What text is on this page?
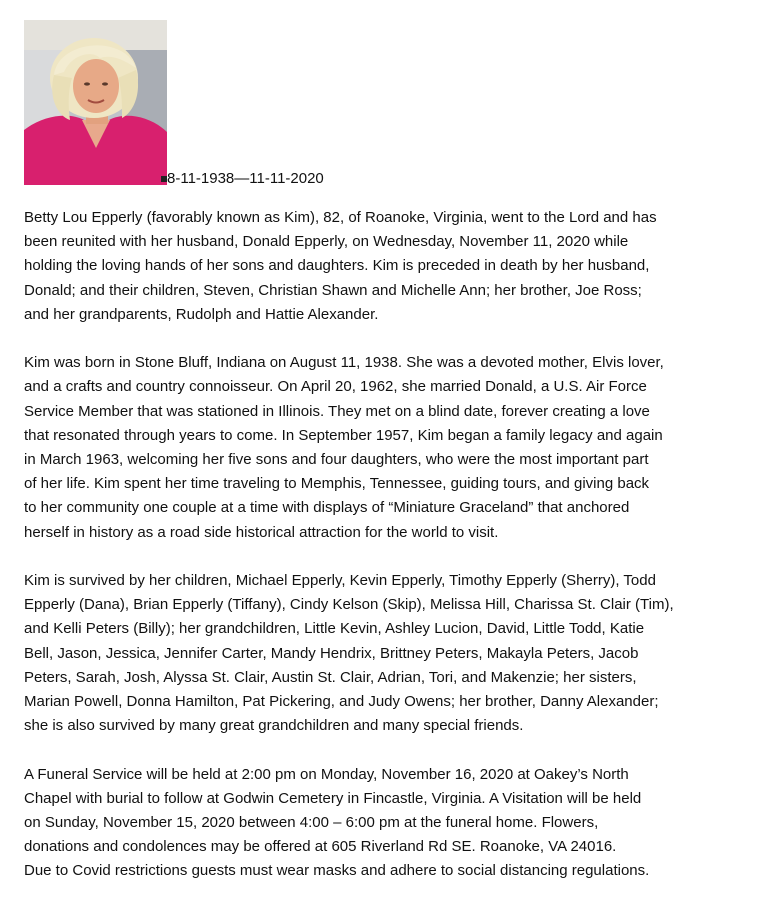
8-11-1938—11-11-2020

Betty Lou Epperly (favorably known as Kim), 82, of Roanoke, Virginia, went to the Lord and has
been reunited with her husband, Donald Epperly, on Wednesday, November 11, 2020 while
holding the loving hands of her sons and daughters. Kim is preceded in death by her husband,
Donald; and their children, Steven, Christian Shawn and Michelle Ann; her brother, Joe Ross;
and her grandparents, Rudolph and Hattie Alexander.

Kim was born in Stone Bluff, Indiana on August 11, 1938. She was a devoted mother, Elvis lover,
and a crafts and country connoisseur. On April 20, 1962, she married Donald, a U.S. Air Force
Service Member that was stationed in Illinois. They met on a blind date, forever creating a love
that resonated through years to come. In September 1957, Kim began a family legacy and again
in March 1963, welcoming her five sons and four daughters, who were the most important part
of her life. Kim spent her time traveling to Memphis, Tennessee, guiding tours, and giving back
to her community one couple at a time with displays of “Miniature Graceland” that anchored
herself in history as a road side historical attraction for the world to visit.

Kim is survived by her children, Michael Epperly, Kevin Epperly, Timothy Epperly (Sherry), Todd
Epperly (Dana), Brian Epperly (Tiffany), Cindy Kelson (Skip), Melissa Hill, Charissa St. Clair (Tim),
and Kelli Peters (Billy); her grandchildren, Little Kevin, Ashley Lucion, David, Little Todd, Katie
Bell, Jason, Jessica, Jennifer Carter, Mandy Hendrix, Brittney Peters, Makayla Peters, Jacob
Peters, Sarah, Josh, Alyssa St. Clair, Austin St. Clair, Adrian, Tori, and Makenzie; her sisters,
Marian Powell, Donna Hamilton, Pat Pickering, and Judy Owens; her brother, Danny Alexander;
she is also survived by many great grandchildren and many special friends.

A Funeral Service will be held at 2:00 pm on Monday, November 16, 2020 at Oakey’s North
Chapel with burial to follow at Godwin Cemetery in Fincastle, Virginia. A Visitation will be held
on Sunday, November 15, 2020 between 4:00 – 6:00 pm at the funeral home. Flowers,
donations and condolences may be offered at 605 Riverland Rd SE. Roanoke, VA 24016.
Due to Covid restrictions guests must wear masks and adhere to social distancing regulations.
